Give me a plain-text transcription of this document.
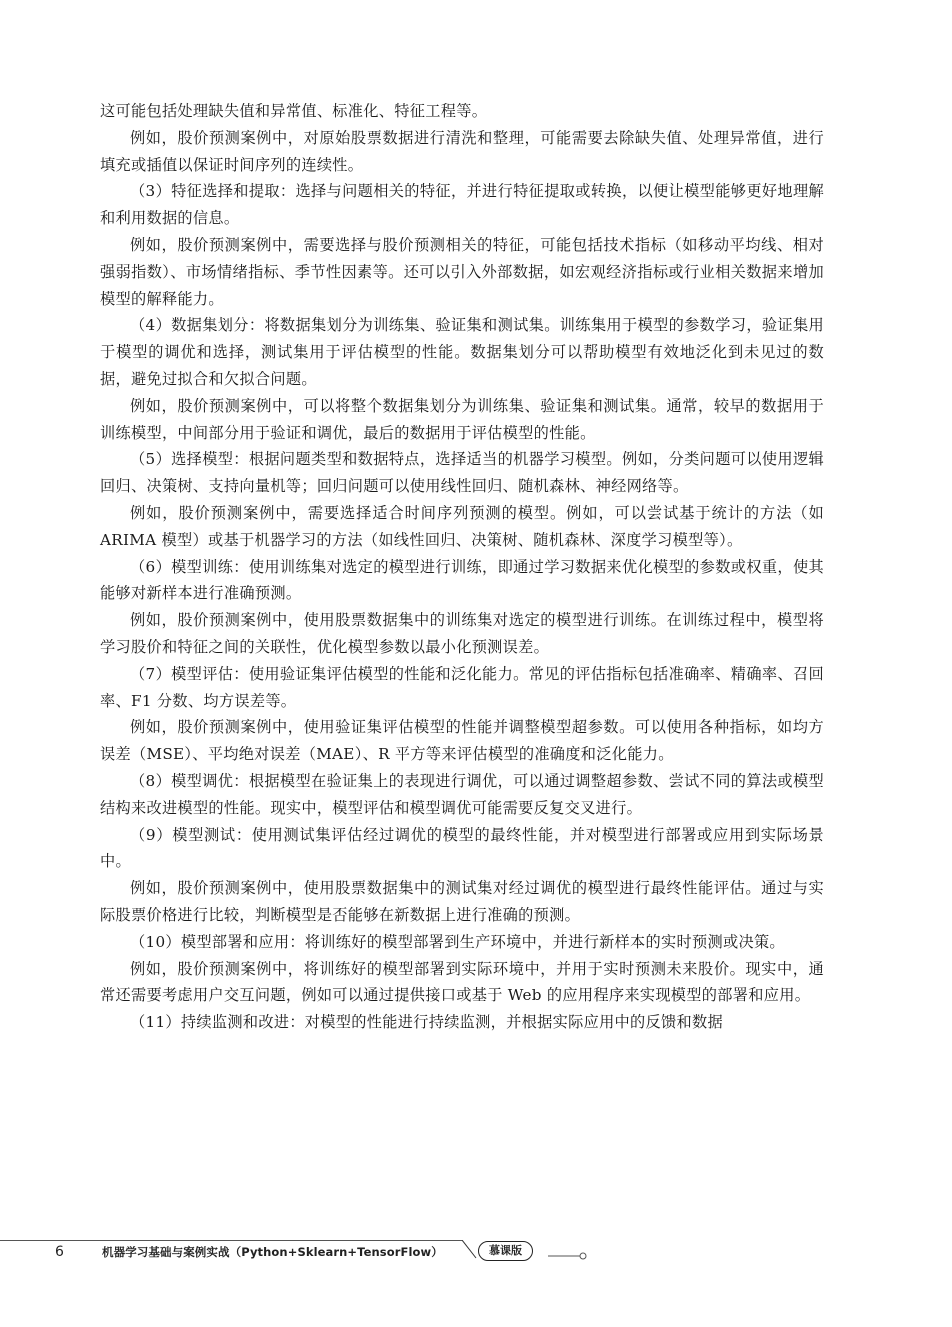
这可能包括处理缺失值和异常值、标准化、特征工程等。

例如，股价预测案例中，对原始股票数据进行清洗和整理，可能需要去除缺失值、处理异常值，进行填充或插值以保证时间序列的连续性。

（3）特征选择和提取：选择与问题相关的特征，并进行特征提取或转换，以便让模型能够更好地理解和利用数据的信息。

例如，股价预测案例中，需要选择与股价预测相关的特征，可能包括技术指标（如移动平均线、相对强弱指数）、市场情绪指标、季节性因素等。还可以引入外部数据，如宏观经济指标或行业相关数据来增加模型的解释能力。

（4）数据集划分：将数据集划分为训练集、验证集和测试集。训练集用于模型的参数学习，验证集用于模型的调优和选择，测试集用于评估模型的性能。数据集划分可以帮助模型有效地泛化到未见过的数据，避免过拟合和欠拟合问题。

例如，股价预测案例中，可以将整个数据集划分为训练集、验证集和测试集。通常，较早的数据用于训练模型，中间部分用于验证和调优，最后的数据用于评估模型的性能。

（5）选择模型：根据问题类型和数据特点，选择适当的机器学习模型。例如，分类问题可以使用逻辑回归、决策树、支持向量机等；回归问题可以使用线性回归、随机森林、神经网络等。

例如，股价预测案例中，需要选择适合时间序列预测的模型。例如，可以尝试基于统计的方法（如 ARIMA 模型）或基于机器学习的方法（如线性回归、决策树、随机森林、深度学习模型等）。

（6）模型训练：使用训练集对选定的模型进行训练，即通过学习数据来优化模型的参数或权重，使其能够对新样本进行准确预测。

例如，股价预测案例中，使用股票数据集中的训练集对选定的模型进行训练。在训练过程中，模型将学习股价和特征之间的关联性，优化模型参数以最小化预测误差。

（7）模型评估：使用验证集评估模型的性能和泛化能力。常见的评估指标包括准确率、精确率、召回率、F1 分数、均方误差等。

例如，股价预测案例中，使用验证集评估模型的性能并调整模型超参数。可以使用各种指标，如均方误差（MSE）、平均绝对误差（MAE）、R 平方等来评估模型的准确度和泛化能力。

（8）模型调优：根据模型在验证集上的表现进行调优，可以通过调整超参数、尝试不同的算法或模型结构来改进模型的性能。现实中，模型评估和模型调优可能需要反复交叉进行。

（9）模型测试：使用测试集评估经过调优的模型的最终性能，并对模型进行部署或应用到实际场景中。

例如，股价预测案例中，使用股票数据集中的测试集对经过调优的模型进行最终性能评估。通过与实际股票价格进行比较，判断模型是否能够在新数据上进行准确的预测。

（10）模型部署和应用：将训练好的模型部署到生产环境中，并进行新样本的实时预测或决策。

例如，股价预测案例中，将训练好的模型部署到实际环境中，并用于实时预测未来股价。现实中，通常还需要考虑用户交互问题，例如可以通过提供接口或基于 Web 的应用程序来实现模型的部署和应用。

（11）持续监测和改进：对模型的性能进行持续监测，并根据实际应用中的反馈和数据

6	机器学习基础与案例实战（Python+Sklearn+TensorFlow）	慕课版
